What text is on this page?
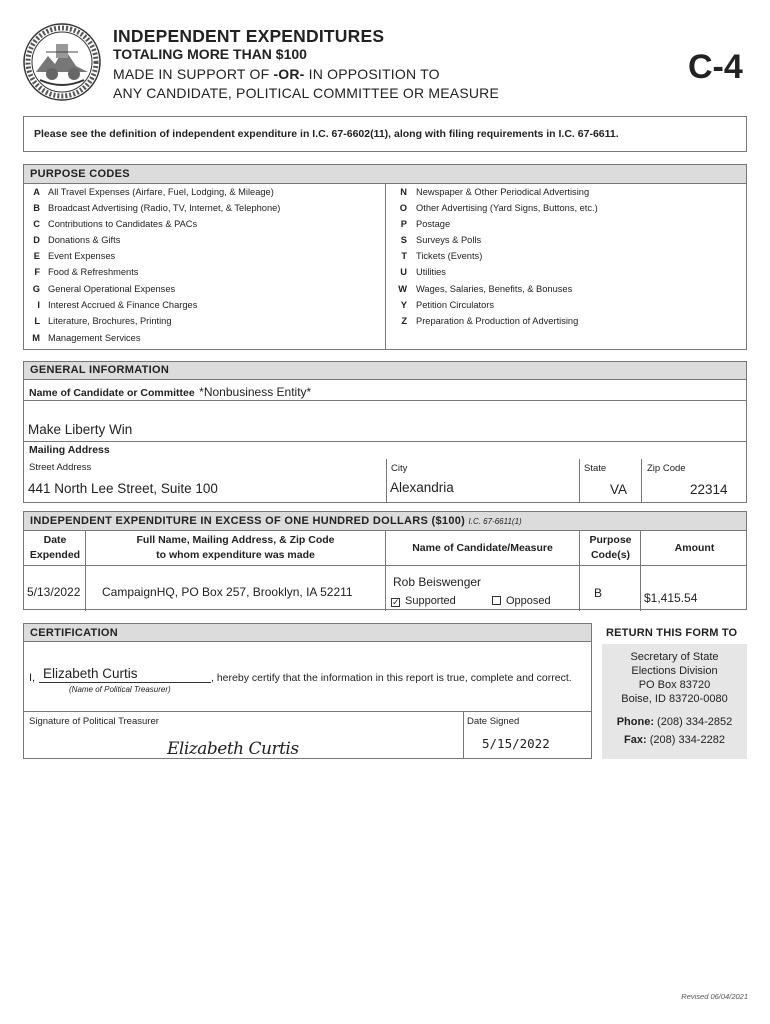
INDEPENDENT EXPENDITURES
TOTALING MORE THAN $100
MADE IN SUPPORT OF -OR- IN OPPOSITION TO
ANY CANDIDATE, POLITICAL COMMITTEE OR MEASURE
C-4
Please see the definition of independent expenditure in I.C. 67-6602(11), along with filing requirements in I.C. 67-6611.
PURPOSE CODES
A All Travel Expenses (Airfare, Fuel, Lodging, & Mileage)
B Broadcast Advertising (Radio, TV, Internet, & Telephone)
C Contributions to Candidates & PACs
D Donations & Gifts
E Event Expenses
F Food & Refreshments
G General Operational Expenses
I Interest Accrued & Finance Charges
L Literature, Brochures, Printing
M Management Services
N Newspaper & Other Periodical Advertising
O Other Advertising (Yard Signs, Buttons, etc.)
P Postage
S Surveys & Polls
T Tickets (Events)
U Utilities
W Wages, Salaries, Benefits, & Bonuses
Y Petition Circulators
Z Preparation & Production of Advertising
GENERAL INFORMATION
Name of Candidate or Committee *Nonbusiness Entity*
Make Liberty Win
Mailing Address
Street Address	City	State	Zip Code
441 North Lee Street, Suite 100	Alexandria	VA	22314
INDEPENDENT EXPENDITURE IN EXCESS OF ONE HUNDRED DOLLARS ($100) I.C. 67-6611(1)
Date
Expended
Full Name, Mailing Address, & Zip Code
to whom expenditure was made
Name of Candidate/Measure
Purpose
Code(s)
Amount
5/13/2022 CampaignHQ, PO Box 257, Brooklyn, IA 52211
Rob Beiswenger
✓ Supported	Opposed
B	$1,415.54
CERTIFICATION
I, Elizabeth Curtis
(Name of Political Treasurer)
, hereby certify that the information in this report is true, complete and correct.
Signature of Political Treasurer	Date Signed
Elizabeth Curtis	5/15/2022
RETURN THIS FORM TO
Secretary of State
Elections Division
PO Box 83720
Boise, ID 83720-0080
Phone: (208) 334-2852
Fax: (208) 334-2282
Revised 06/04/2021
